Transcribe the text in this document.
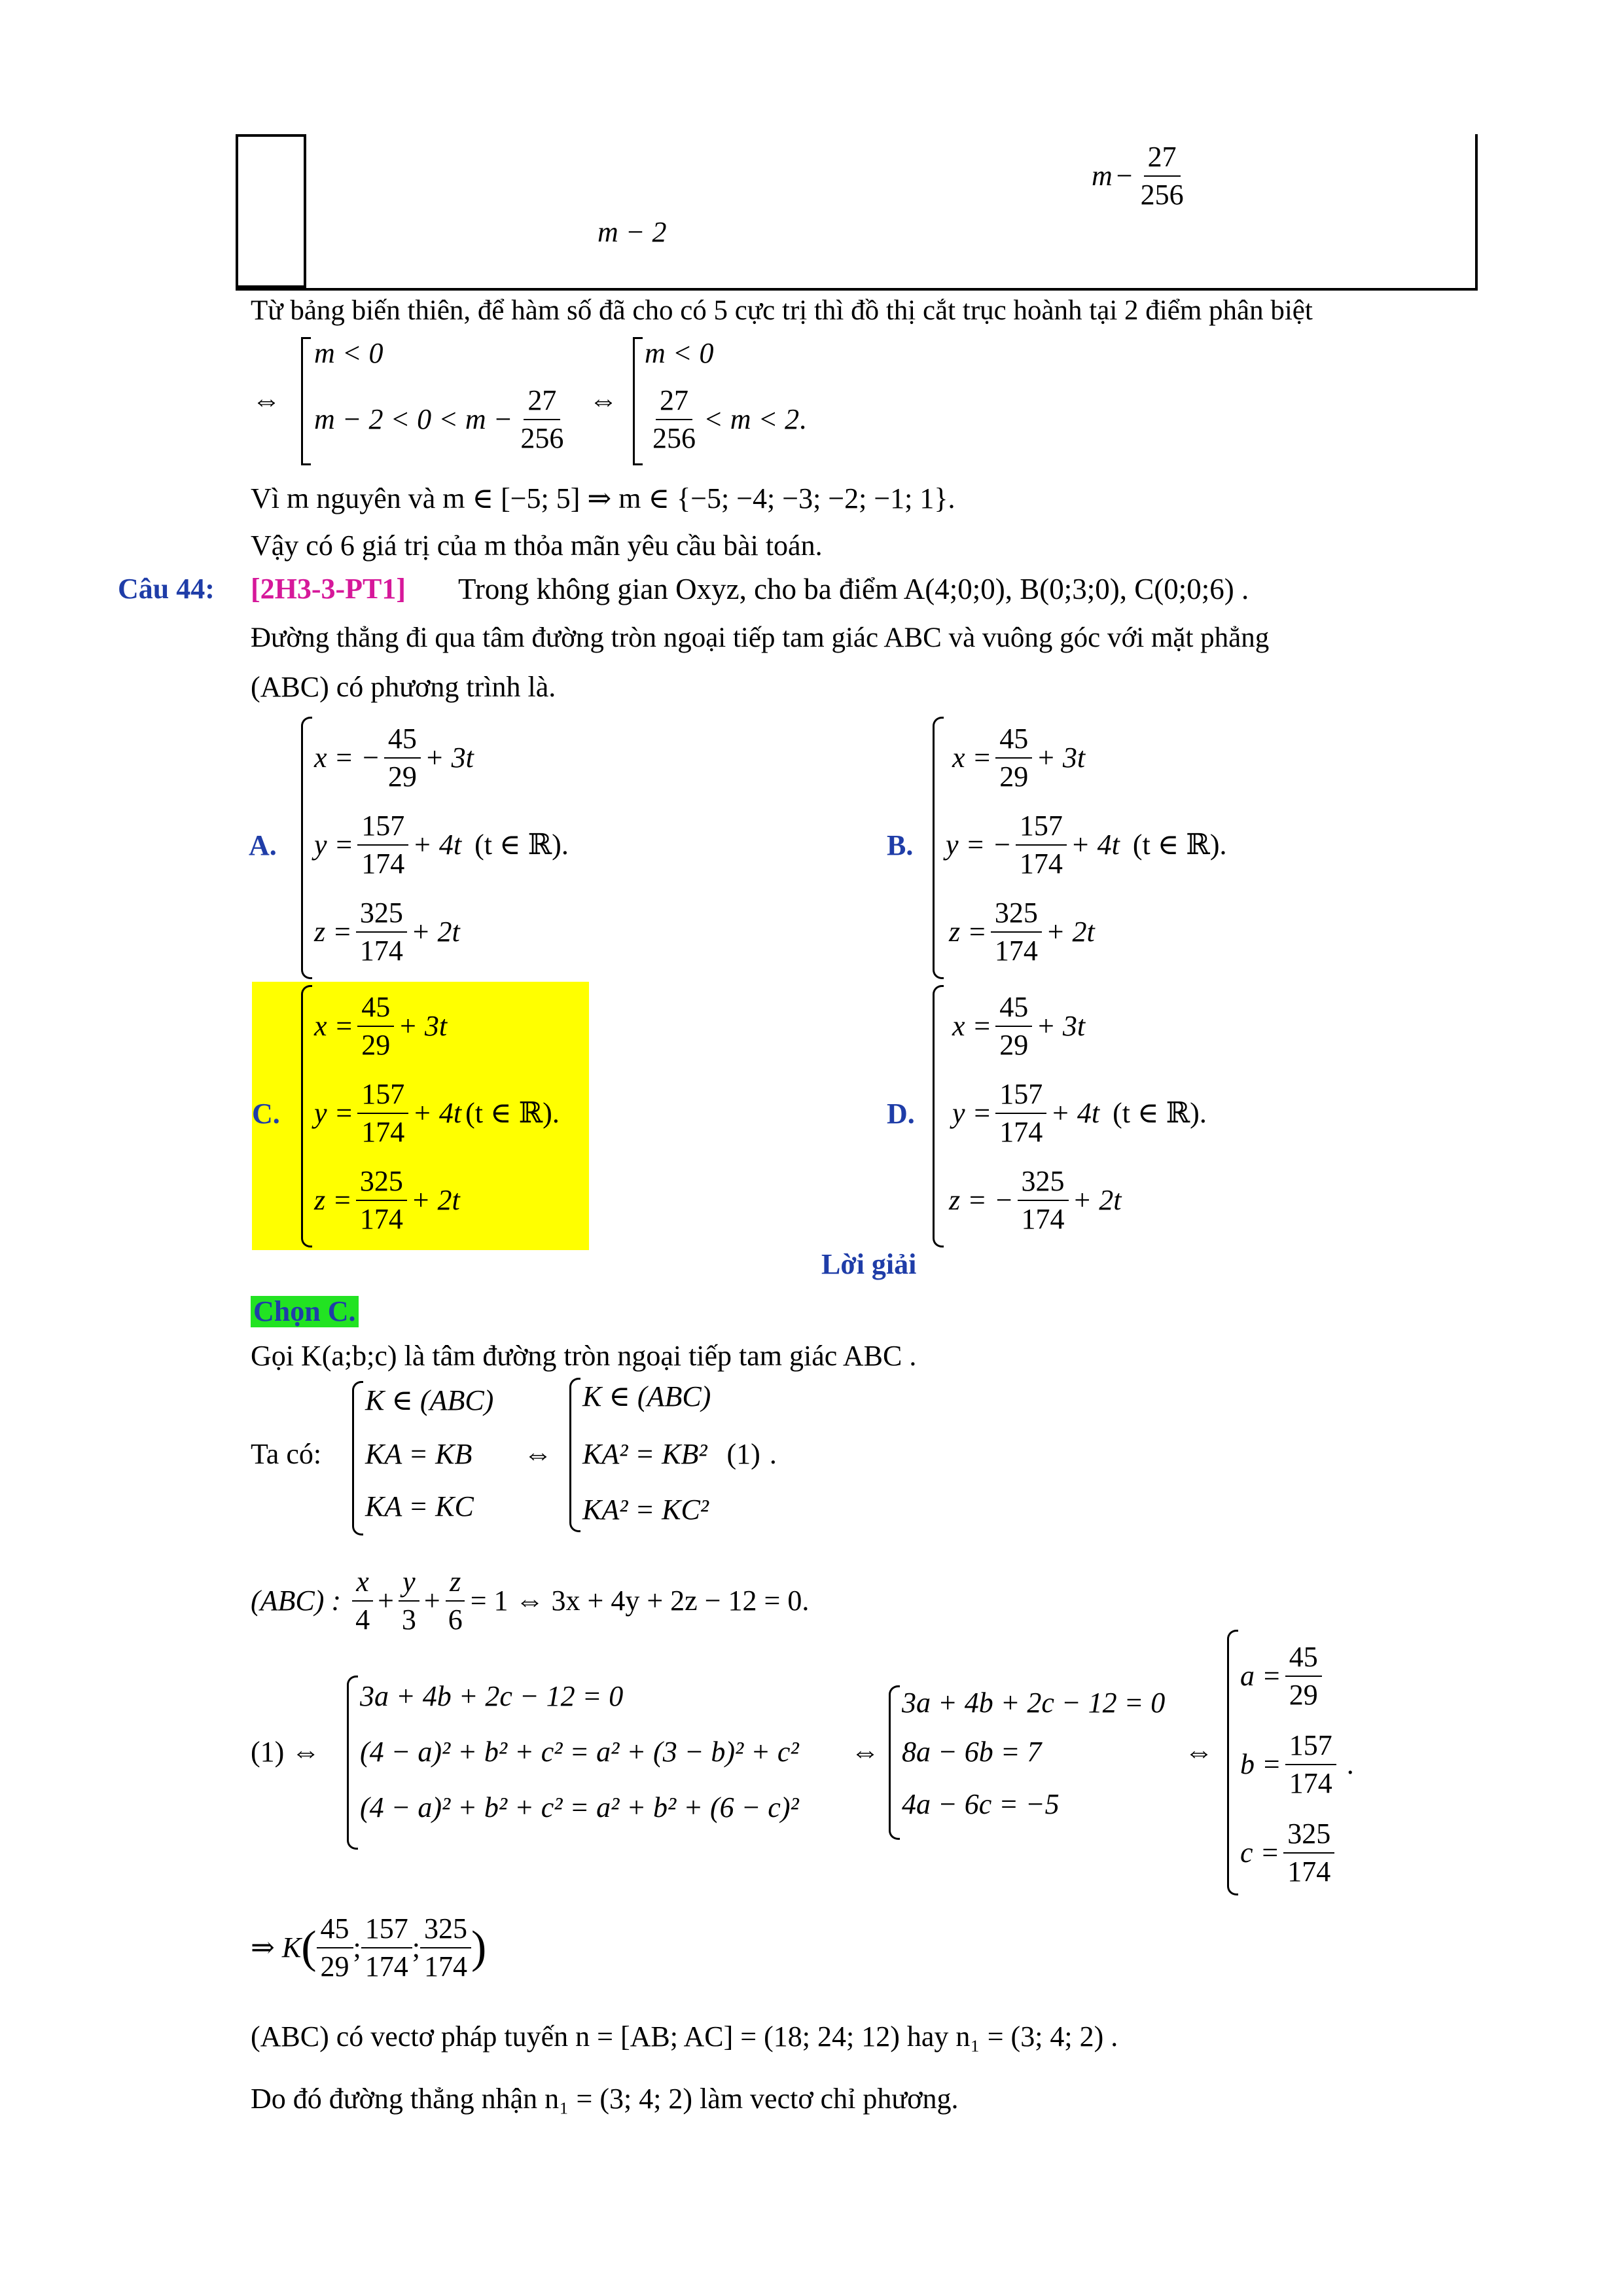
$m - \frac{27}{256}$
m − 2
Từ bảng biến thiên, để hàm số đã cho có 5 cực trị thì đồ thị cắt trục hoành tại 2 điểm phân biệt
⇔
m < 0
$m - 2 < 0 < m - \frac{27}{256}$ ⇔
m < 0
$\frac{27}{256} < m < 2$ .
Vì m nguyên và m ∈ [−5; 5] ⇒ m ∈ {−5; −4; −3; −2; −1; 1}.
Vậy có 6 giá trị của m thỏa mãn yêu cầu bài toán.
Câu 44: [2H3-3-PT1] Trong không gian Oxyz, cho ba điểm A(4;0;0), B(0;3;0), C(0;0;6) .
Đường thẳng đi qua tâm đường tròn ngoại tiếp tam giác ABC và vuông góc với mặt phẳng
(ABC) có phương trình là.
A.
x = − $\frac{45}{29} + 3t$
$y = \frac{157}{174} + 4t$ (t ∈ ℝ).
$z = \frac{325}{174} + 2t$
B.
$x = \frac{45}{29} + 3t$
y = − $\frac{157}{174} + 4t$ (t ∈ ℝ).
$z = \frac{325}{174} + 2t$
C.
$x = \frac{45}{29} + 3t$
$y = \frac{157}{174} + 4t$ (t ∈ ℝ).
$z = \frac{325}{174} + 2t$
D.
$x = \frac{45}{29} + 3t$
$y = \frac{157}{174} + 4t$ (t ∈ ℝ).
z = − $\frac{325}{174} + 2t$
Lời giải
Chọn C.
Gọi K(a;b;c) là tâm đường tròn ngoại tiếp tam giác ABC .
Ta có:
K ∈ (ABC)
KA = KB
KA = KC
⇔
K ∈ (ABC)
KA² = KB² (1) .
KA² = KC²
(ABC) : $\frac{x}{4} + \frac{y}{3} + \frac{z}{6} = 1$ ⇔ 3x + 4y + 2z − 12 = 0.
(1) ⇔
3a + 4b + 2c − 12 = 0
(4 − a)² + b² + c² = a² + (3 − b)² + c²
(4 − a)² + b² + c² = a² + b² + (6 − c)²
⇔
3a + 4b + 2c − 12 = 0
8a − 6b = 7
4a − 6c = −5
⇔
$a = \frac{45}{29}$
$b = \frac{157}{174}$ .
$c = \frac{325}{174}$
⇒ K ( $\frac{45}{29}$ ; $\frac{157}{174}$ ; $\frac{325}{174}$ )
(ABC) có vectơ pháp tuyến n = [AB; AC] = (18; 24; 12) hay n₁ = (3; 4; 2) .
Do đó đường thẳng nhận n₁ = (3; 4; 2) làm vectơ chỉ phương.
